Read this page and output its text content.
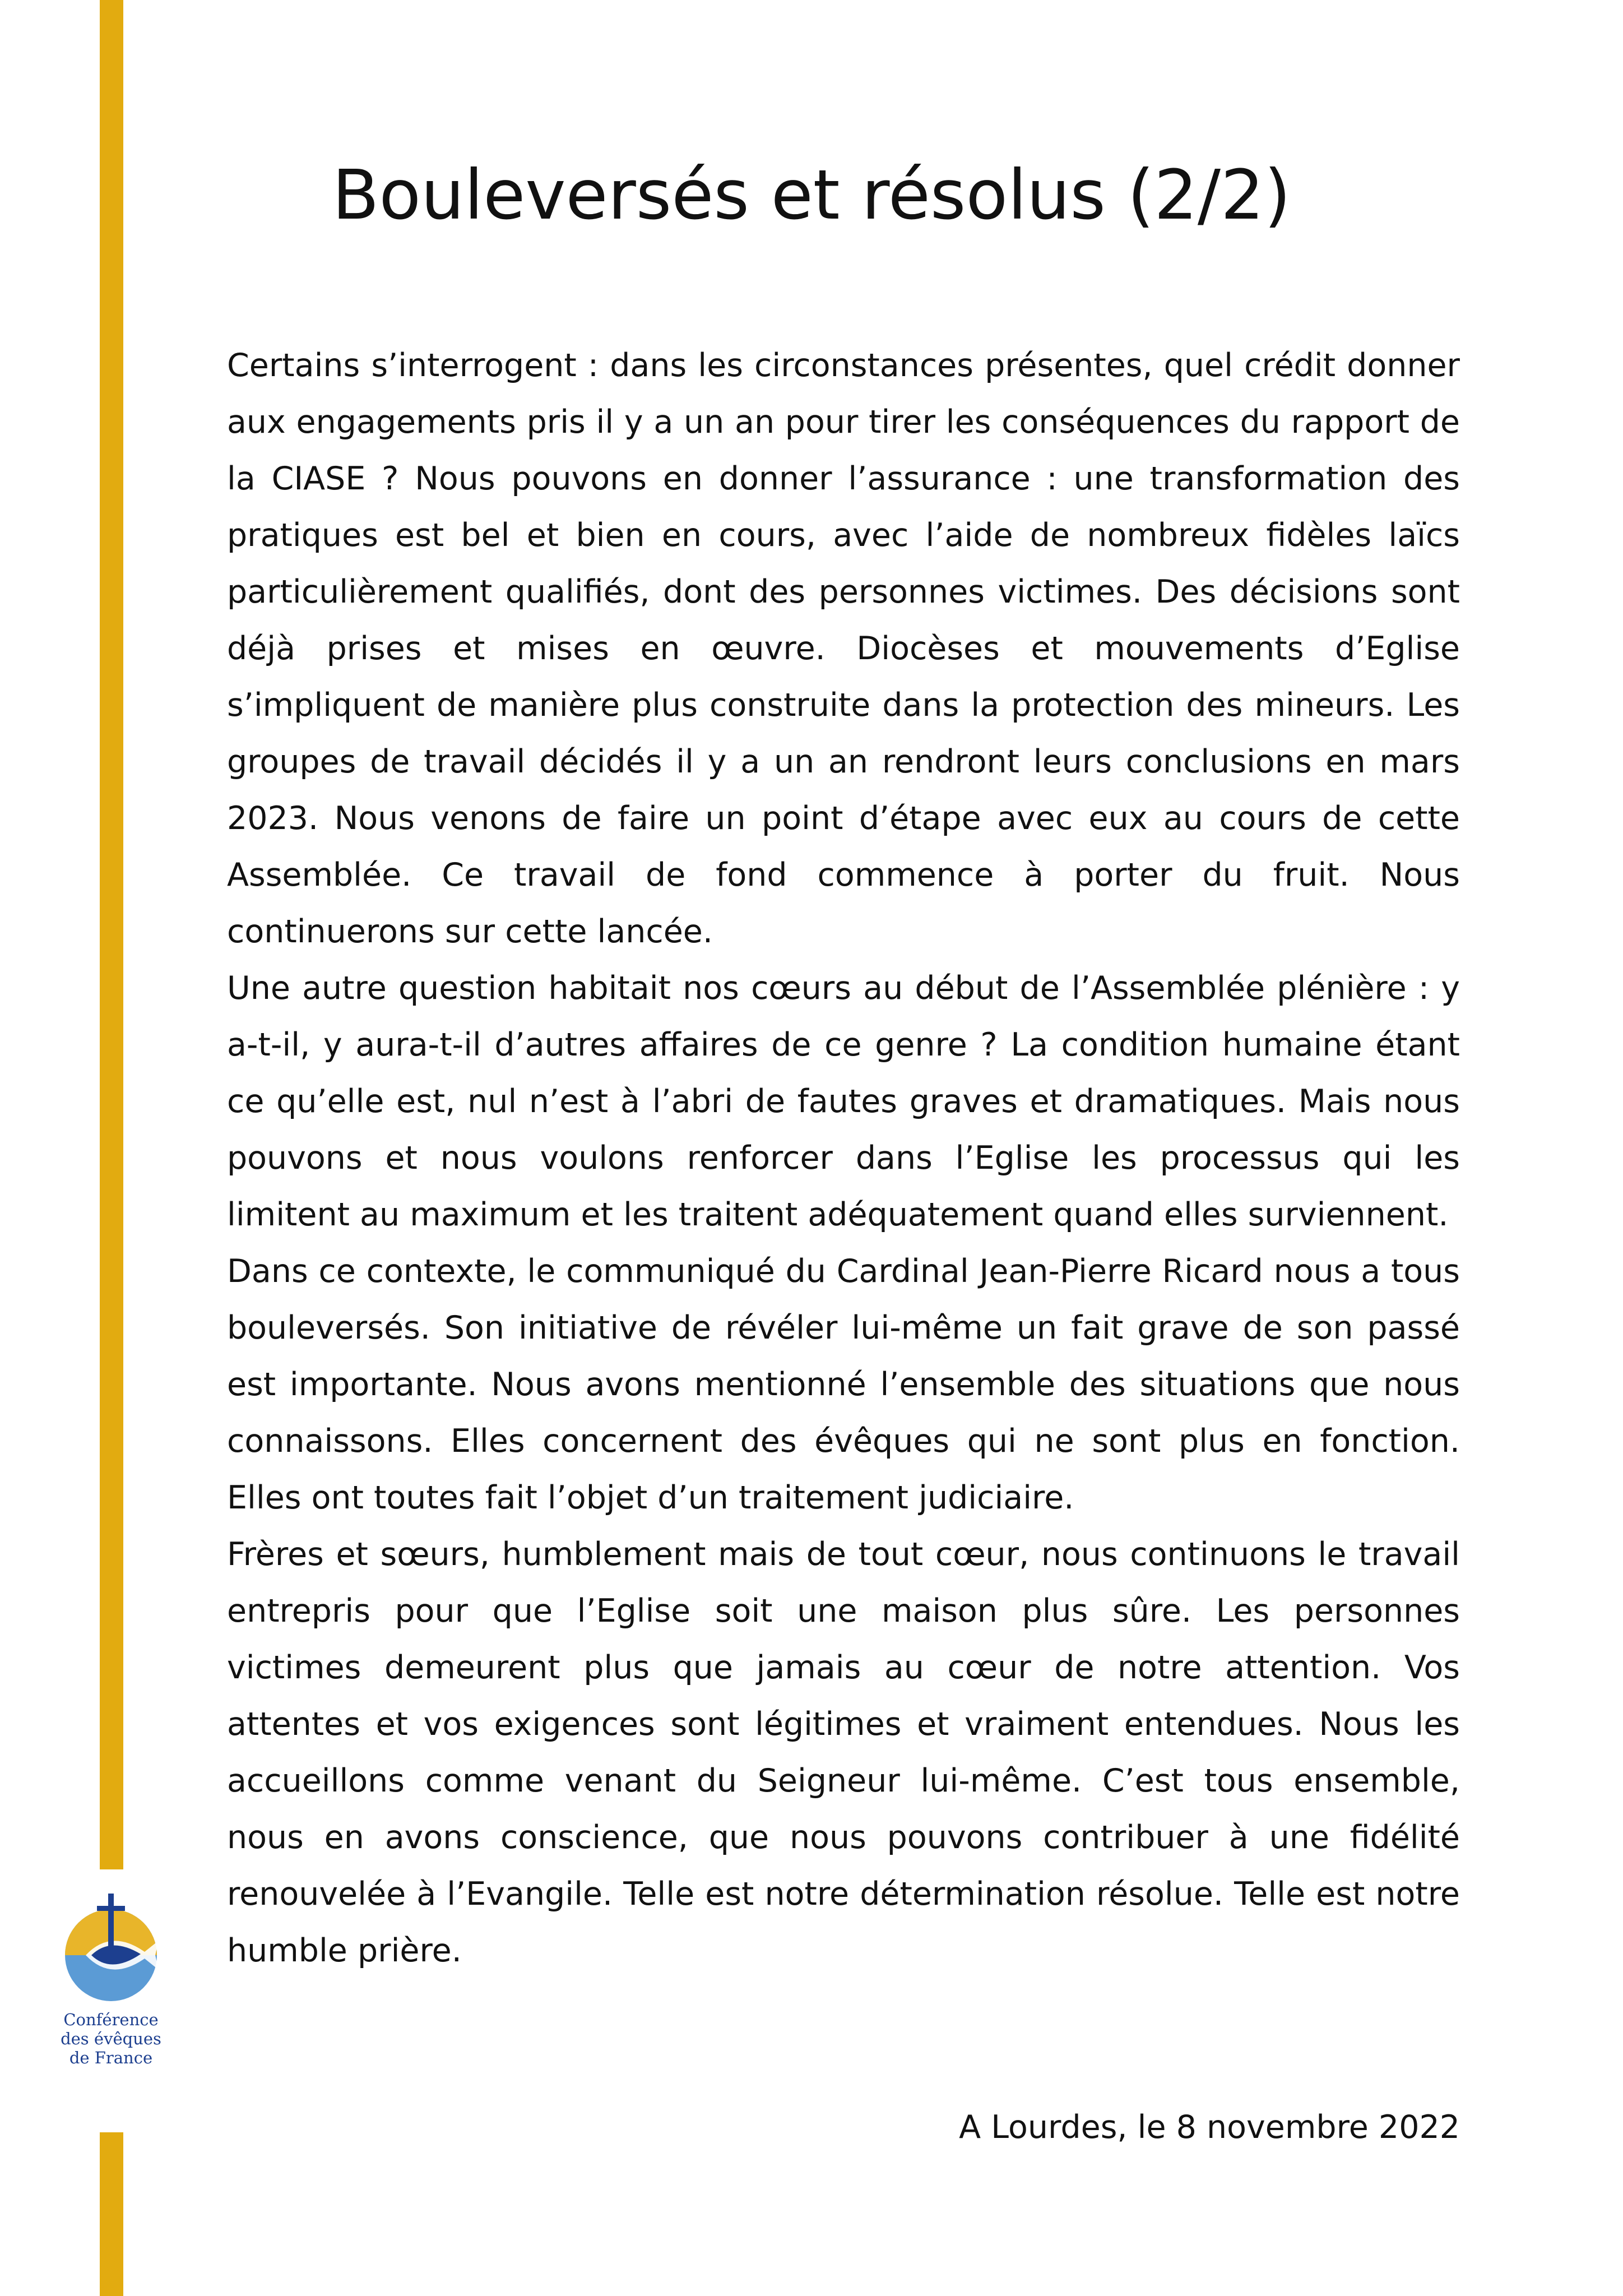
Conférence
des évêques
de France
Bouleversés et résolus (2/2)

Certains s’interrogent : dans les circonstances présentes, quel crédit donner aux engagements pris il y a un an pour tirer les conséquences du rapport de la CIASE ? Nous pouvons en donner l’assurance : une transformation des pratiques est bel et bien en cours, avec l’aide de nombreux fidèles laïcs particulièrement qualifiés, dont des personnes victimes. Des décisions sont déjà prises et mises en œuvre. Diocèses et mouvements d’Eglise s’impliquent de manière plus construite dans la protection des mineurs. Les groupes de travail décidés il y a un an rendront leurs conclusions en mars 2023. Nous venons de faire un point d’étape avec eux au cours de cette Assemblée. Ce travail de fond commence à porter du fruit. Nous continuerons sur cette lancée.

Une autre question habitait nos cœurs au début de l’Assemblée plénière : y a-t-il, y aura-t-il d’autres affaires de ce genre ? La condition humaine étant ce qu’elle est, nul n’est à l’abri de fautes graves et dramatiques. Mais nous pouvons et nous voulons renforcer dans l’Eglise les processus qui les limitent au maximum et les traitent adéquatement quand elles surviennent.

Dans ce contexte, le communiqué du Cardinal Jean-Pierre Ricard nous a tous bouleversés. Son initiative de révéler lui-même un fait grave de son passé est importante. Nous avons mentionné l’ensemble des situations que nous connaissons. Elles concernent des évêques qui ne sont plus en fonction. Elles ont toutes fait l’objet d’un traitement judiciaire.

Frères et sœurs, humblement mais de tout cœur, nous continuons le travail entrepris pour que l’Eglise soit une maison plus sûre. Les personnes victimes demeurent plus que jamais au cœur de notre attention. Vos attentes et vos exigences sont légitimes et vraiment entendues. Nous les accueillons comme venant du Seigneur lui-même. C’est tous ensemble, nous en avons conscience, que nous pouvons contribuer à une fidélité renouvelée à l’Evangile. Telle est notre détermination résolue. Telle est notre humble prière.

A Lourdes, le 8 novembre 2022
